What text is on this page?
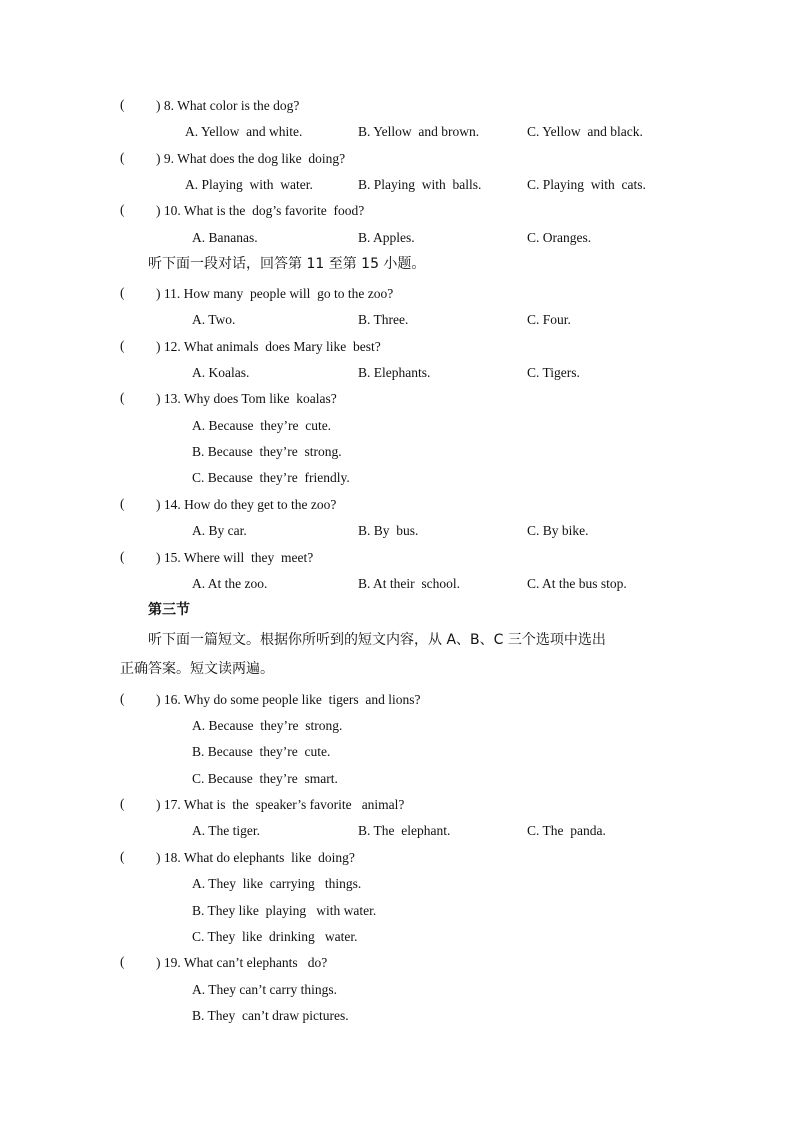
( ) 8. What color is the dog?
A. Yellow  and white.	B. Yellow  and brown.	C. Yellow  and black.
( ) 9. What does the dog like  doing?
A. Playing  with  water.	B. Playing  with  balls.	C. Playing  with  cats.
( ) 10. What is the  dog’s favorite  food?
A. Bananas.	B. Apples.	C. Oranges.
听下面一段对话，回答第 11 至第 15 小题。
( ) 11. How many  people will  go to the zoo?
A. Two.	B. Three.	C. Four.
( ) 12. What animals  does Mary like  best?
A. Koalas.	B. Elephants.	C. Tigers.
( ) 13. Why does Tom like  koalas?
A. Because  they’re  cute.
B. Because  they’re  strong.
C. Because  they’re  friendly.
( ) 14. How do they get to the zoo?
A. By car.	B. By  bus.	C. By bike.
( ) 15. Where will  they  meet?
A. At the zoo.	B. At their  school.	C. At the bus stop.
第三节
听下面一篇短文。根据你所听到的短文内容，从 A、B、C 三个选项中选出
正确答案。短文读两遍。
( ) 16. Why do some people like  tigers  and lions?
A. Because  they’re  strong.
B. Because  they’re  cute.
C. Because  they’re  smart.
( ) 17. What is  the  speaker’s favorite   animal?
A. The tiger.	B. The  elephant.	C. The  panda.
( ) 18. What do elephants  like  doing?
A. They  like  carrying   things.
B. They like  playing   with water.
C. They  like  drinking   water.
( ) 19. What can’t elephants   do?
A. They can’t carry things.
B. They  can’t draw pictures.
